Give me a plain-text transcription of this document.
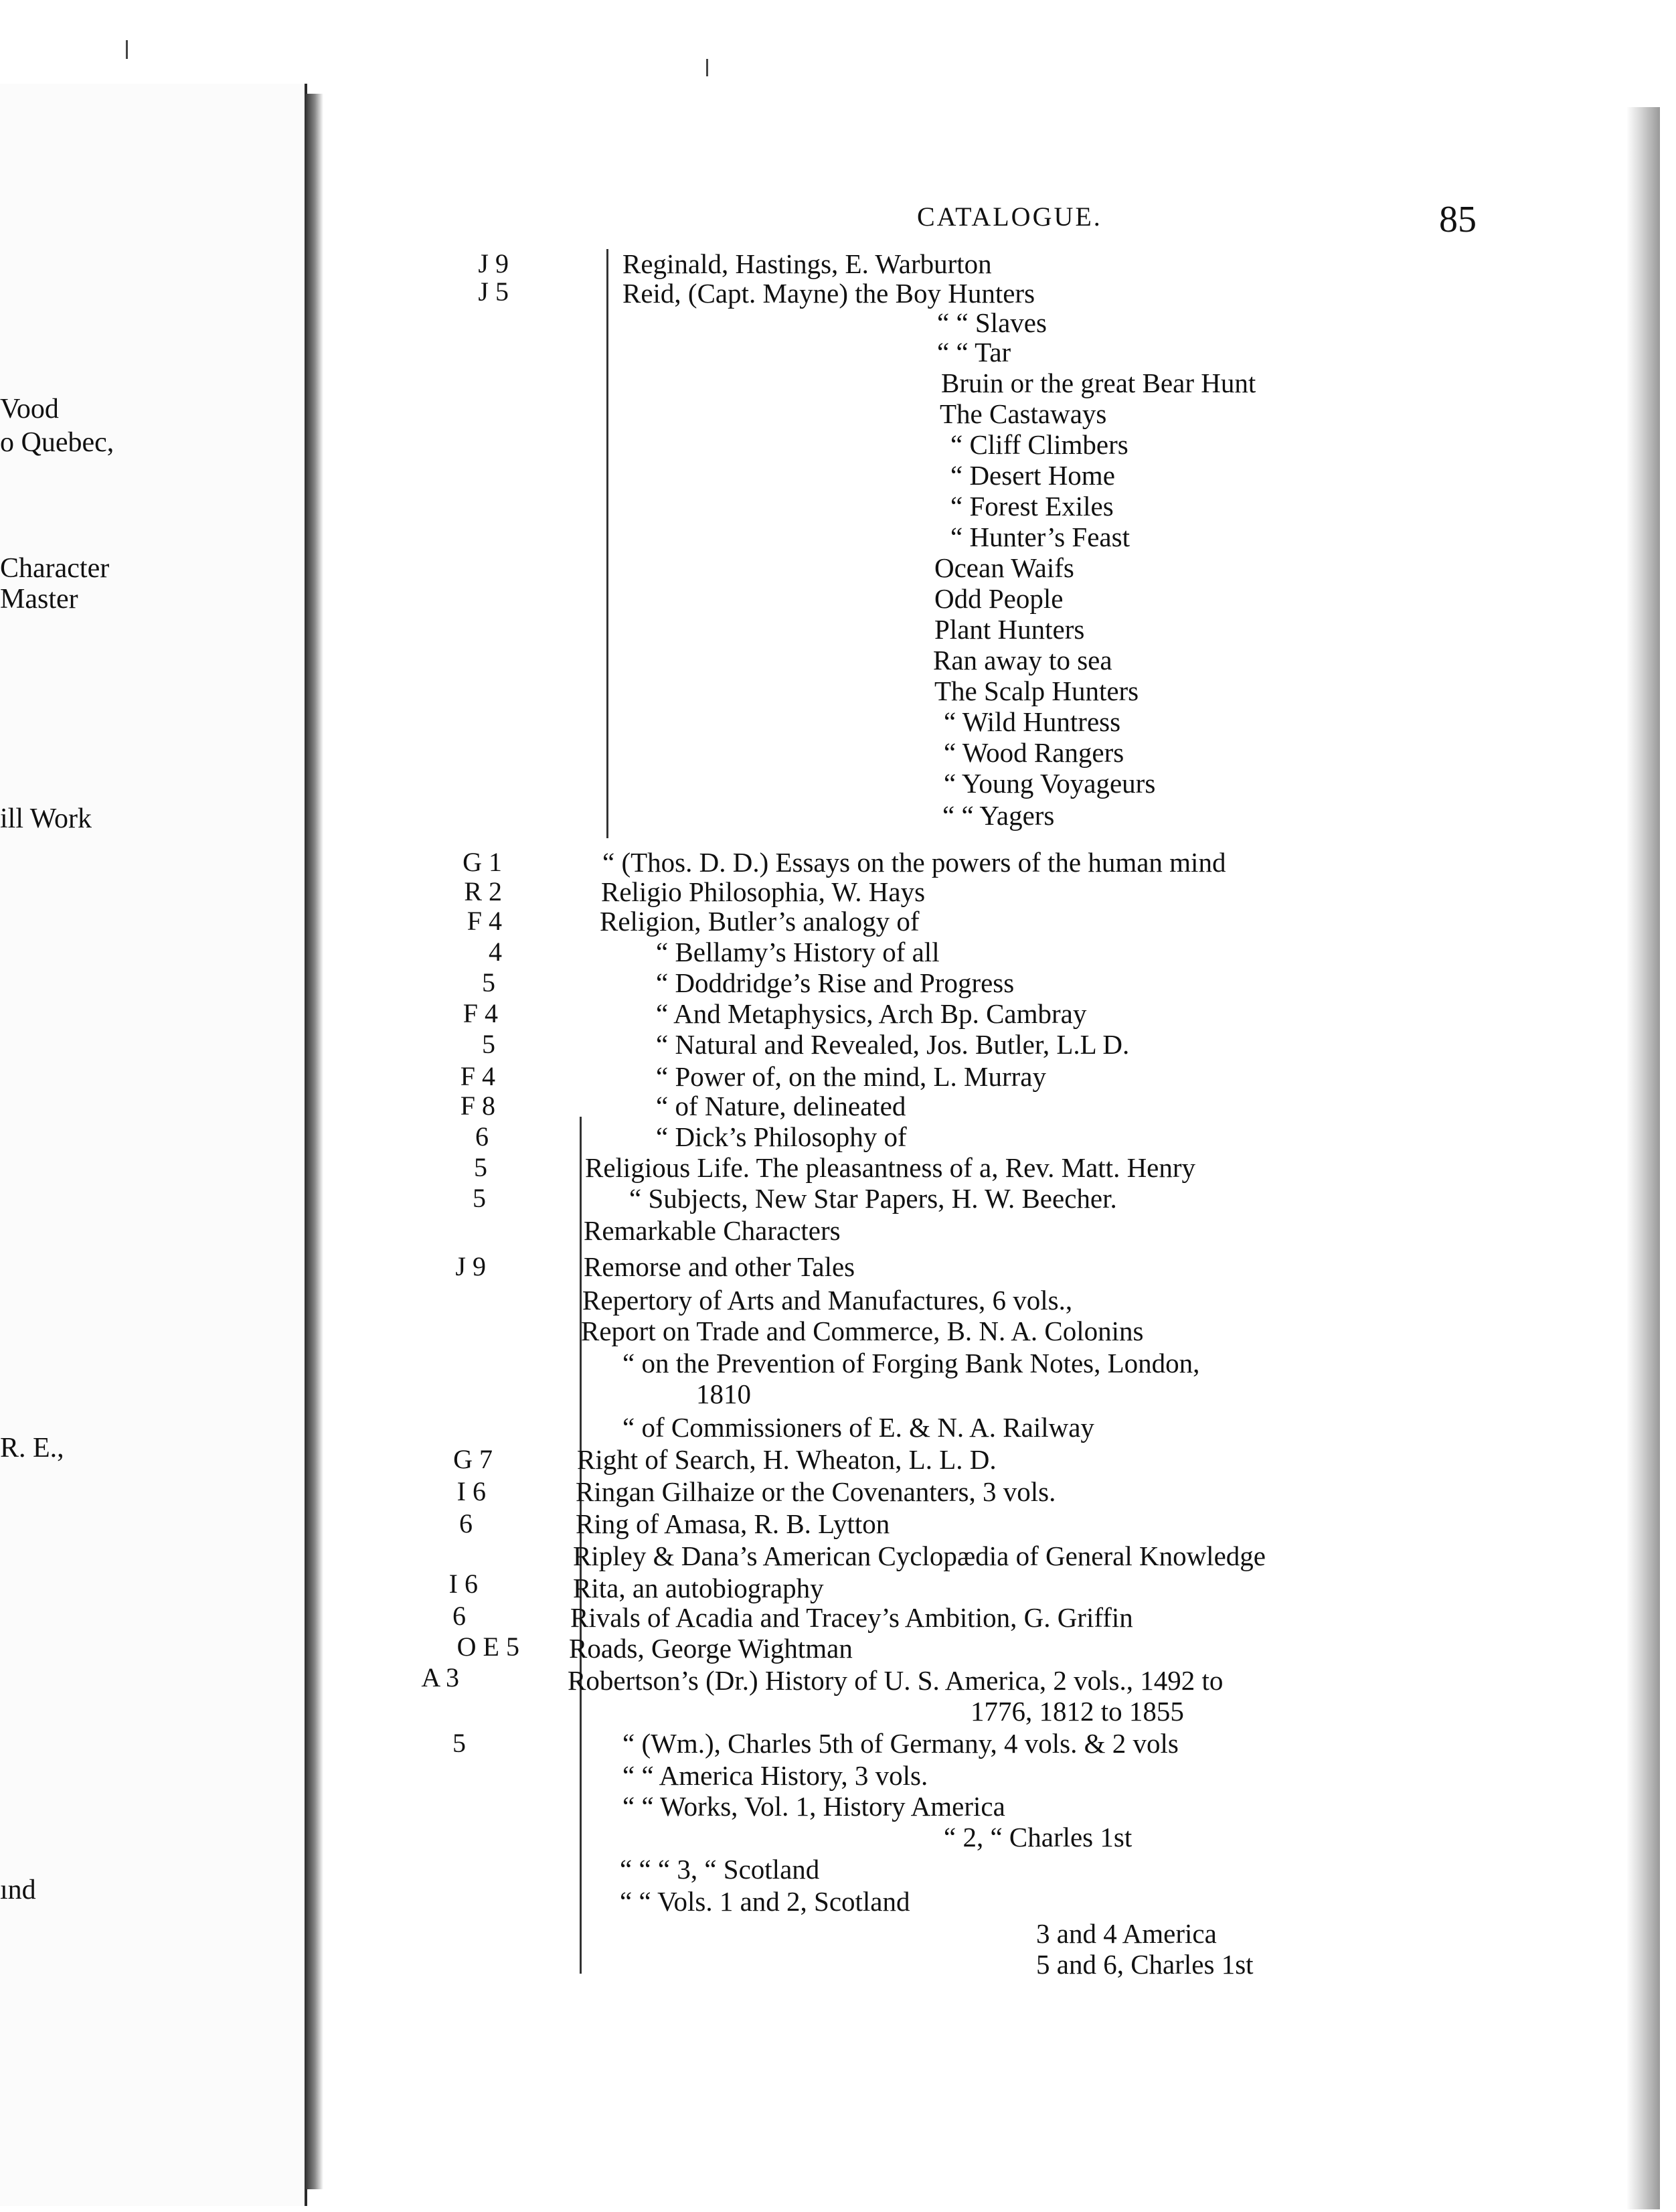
Vood
o Quebec,
Character
Master
ill Work
R. E.,
ınd
CATALOGUE.	85
J 9
J 5
G 1
R 2
F 4
4
5
F 4
5
F 4
F 8
6
5
5
J 9
G 7
I 6
6
I 6
6
O E 5
A 3
5
Reginald, Hastings, E. Warburton
Reid, (Capt. Mayne) the Boy Hunters
“ “ Slaves
“ “ Tar
Bruin or the great Bear Hunt
The Castaways
“ Cliff Climbers
“ Desert Home
“ Forest Exiles
“ Hunter’s Feast
Ocean Waifs
Odd People
Plant Hunters
Ran away to sea
The Scalp Hunters
“ Wild Huntress
“ Wood Rangers
“ Young Voyageurs
“ “ Yagers
“ (Thos. D. D.) Essays on the powers of the human mind
Religio Philosophia, W. Hays
Religion, Butler’s analogy of
“ Bellamy’s History of all
“ Doddridge’s Rise and Progress
“ And Metaphysics, Arch Bp. Cambray
“ Natural and Revealed, Jos. Butler, L.L D.
“ Power of, on the mind, L. Murray
“ of Nature, delineated
“ Dick’s Philosophy of
Religious Life. The pleasantness of a, Rev. Matt. Henry
“ Subjects, New Star Papers, H. W. Beecher.
Remarkable Characters
Remorse and other Tales
Repertory of Arts and Manufactures, 6 vols.,
Report on Trade and Commerce, B. N. A. Colonins
“ on the Prevention of Forging Bank Notes, London,
1810
“ of Commissioners of E. & N. A. Railway
Right of Search, H. Wheaton, L. L. D.
Ringan Gilhaize or the Covenanters, 3 vols.
Ring of Amasa, R. B. Lytton
Ripley & Dana’s American Cyclopædia of General Knowledge
Rita, an autobiography
Rivals of Acadia and Tracey’s Ambition, G. Griffin
Roads, George Wightman
Robertson’s (Dr.) History of U. S. America, 2 vols., 1492 to
1776, 1812 to 1855
“ (Wm.), Charles 5th of Germany, 4 vols. & 2 vols
“ “ America History, 3 vols.
“ “ Works, Vol. 1, History America
“ 2, “ Charles 1st
“ “ “ 3, “ Scotland
“ “ Vols. 1 and 2, Scotland
3 and 4 America
5 and 6, Charles 1st
